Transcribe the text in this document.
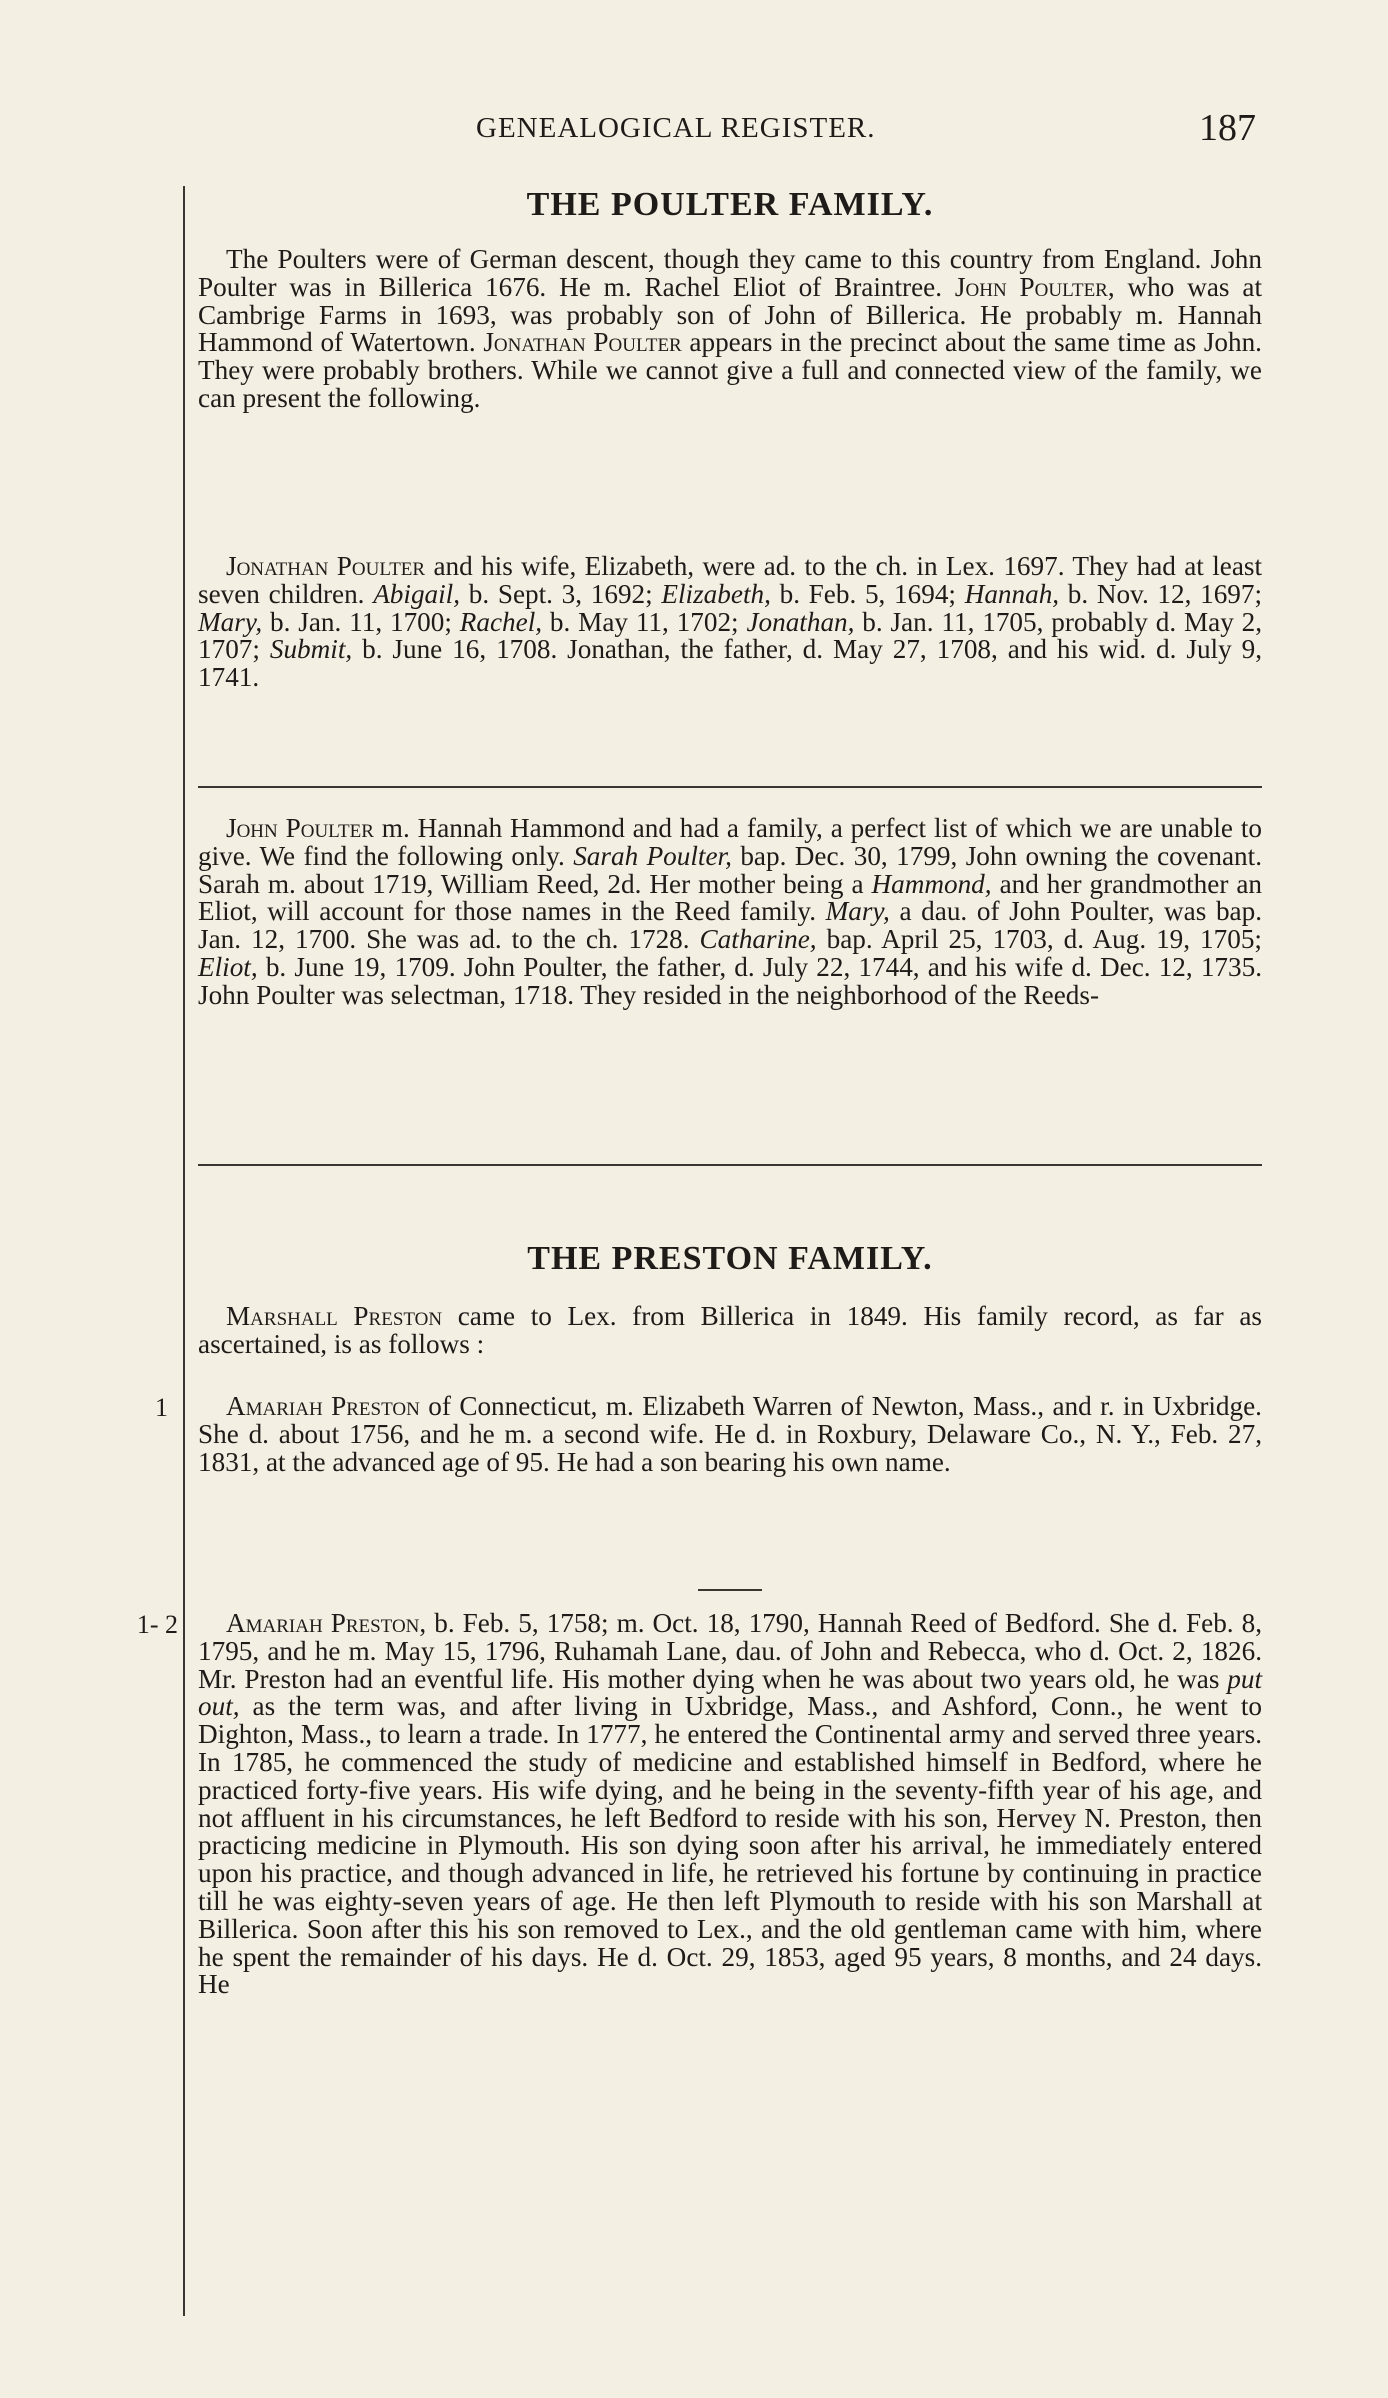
GENEALOGICAL REGISTER.	187
THE POULTER FAMILY.

The Poulters were of German descent, though they came to this country from England. John Poulter was in Billerica 1676. He m. Rachel Eliot of Braintree. John Poulter, who was at Cambrige Farms in 1693, was probably son of John of Billerica. He probably m. Hannah Hammond of Watertown. Jonathan Poulter appears in the precinct about the same time as John. They were probably brothers. While we cannot give a full and connected view of the family, we can present the following.

Jonathan Poulter and his wife, Elizabeth, were ad. to the ch. in Lex. 1697. They had at least seven children. Abigail, b. Sept. 3, 1692; Elizabeth, b. Feb. 5, 1694; Hannah, b. Nov. 12, 1697; Mary, b. Jan. 11, 1700; Rachel, b. May 11, 1702; Jonathan, b. Jan. 11, 1705, probably d. May 2, 1707; Submit, b. June 16, 1708. Jonathan, the father, d. May 27, 1708, and his wid. d. July 9, 1741.

John Poulter m. Hannah Hammond and had a family, a perfect list of which we are unable to give. We find the following only. Sarah Poulter, bap. Dec. 30, 1799, John owning the covenant. Sarah m. about 1719, William Reed, 2d. Her mother being a Hammond, and her grandmother an Eliot, will account for those names in the Reed family. Mary, a dau. of John Poulter, was bap. Jan. 12, 1700. She was ad. to the ch. 1728. Catharine, bap. April 25, 1703, d. Aug. 19, 1705; Eliot, b. June 19, 1709. John Poulter, the father, d. July 22, 1744, and his wife d. Dec. 12, 1735. John Poulter was selectman, 1718. They resided in the neighborhood of the Reeds-

THE PRESTON FAMILY.

Marshall Preston came to Lex. from Billerica in 1849. His family record, as far as ascertained, is as follows :

1	Amariah Preston of Connecticut, m. Elizabeth Warren of Newton, Mass., and r. in Uxbridge. She d. about 1756, and he m. a second wife. He d. in Roxbury, Delaware Co., N. Y., Feb. 27, 1831, at the advanced age of 95. He had a son bearing his own name.

1- 2	Amariah Preston, b. Feb. 5, 1758; m. Oct. 18, 1790, Hannah Reed of Bedford. She d. Feb. 8, 1795, and he m. May 15, 1796, Ruhamah Lane, dau. of John and Rebecca, who d. Oct. 2, 1826. Mr. Preston had an eventful life. His mother dying when he was about two years old, he was put out, as the term was, and after living in Uxbridge, Mass., and Ashford, Conn., he went to Dighton, Mass., to learn a trade. In 1777, he entered the Continental army and served three years. In 1785, he commenced the study of medicine and established himself in Bedford, where he practiced forty-five years. His wife dying, and he being in the seventy-fifth year of his age, and not affluent in his circumstances, he left Bedford to reside with his son, Hervey N. Preston, then practicing medicine in Plymouth. His son dying soon after his arrival, he immediately entered upon his practice, and though advanced in life, he retrieved his fortune by continuing in practice till he was eighty-seven years of age. He then left Plymouth to reside with his son Marshall at Billerica. Soon after this his son removed to Lex., and the old gentleman came with him, where he spent the remainder of his days. He d. Oct. 29, 1853, aged 95 years, 8 months, and 24 days. He
